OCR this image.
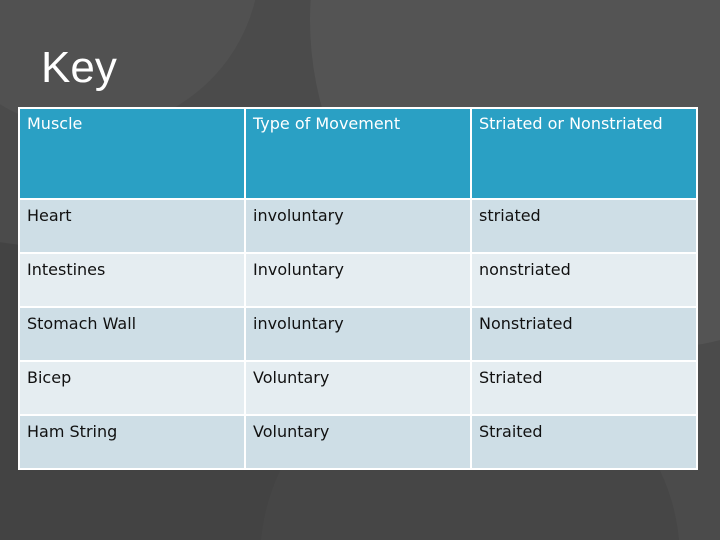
Key
Muscle	Type of Movement	Striated or Nonstriated
Heart	involuntary	striated
Intestines	Involuntary	nonstriated
Stomach Wall	involuntary	Nonstriated
Bicep	Voluntary	Striated
Ham String	Voluntary	Straited
